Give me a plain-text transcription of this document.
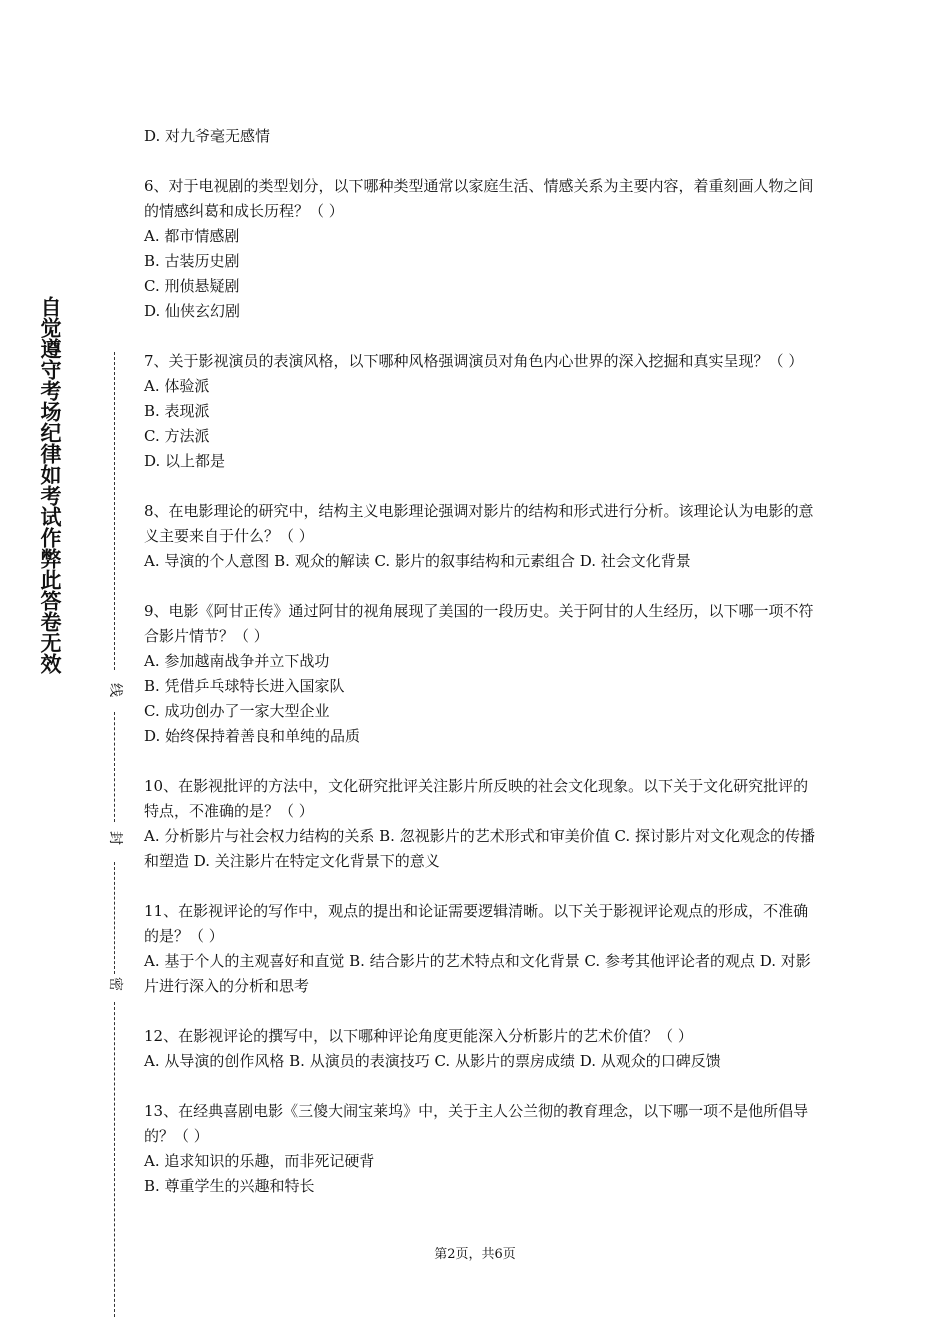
自觉遵守考场纪律如考试作弊此答卷无效
线
封
密

D. 对九爷毫无感情

6、对于电视剧的类型划分，以下哪种类型通常以家庭生活、情感关系为主要内容，着重刻画人物之间的情感纠葛和成长历程？（ ）

A. 都市情感剧

B. 古装历史剧

C. 刑侦悬疑剧

D. 仙侠玄幻剧

7、关于影视演员的表演风格，以下哪种风格强调演员对角色内心世界的深入挖掘和真实呈现？（ ）

A. 体验派

B. 表现派

C. 方法派

D. 以上都是

8、在电影理论的研究中，结构主义电影理论强调对影片的结构和形式进行分析。该理论认为电影的意义主要来自于什么？（ ）

A. 导演的个人意图 B. 观众的解读 C. 影片的叙事结构和元素组合 D. 社会文化背景

9、电影《阿甘正传》通过阿甘的视角展现了美国的一段历史。关于阿甘的人生经历，以下哪一项不符合影片情节？（ ）

A. 参加越南战争并立下战功

B. 凭借乒乓球特长进入国家队

C. 成功创办了一家大型企业

D. 始终保持着善良和单纯的品质

10、在影视批评的方法中，文化研究批评关注影片所反映的社会文化现象。以下关于文化研究批评的特点，不准确的是？（ ）

A. 分析影片与社会权力结构的关系 B. 忽视影片的艺术形式和审美价值 C. 探讨影片对文化观念的传播和塑造 D. 关注影片在特定文化背景下的意义

11、在影视评论的写作中，观点的提出和论证需要逻辑清晰。以下关于影视评论观点的形成，不准确的是？（ ）

A. 基于个人的主观喜好和直觉 B. 结合影片的艺术特点和文化背景 C. 参考其他评论者的观点 D. 对影片进行深入的分析和思考

12、在影视评论的撰写中，以下哪种评论角度更能深入分析影片的艺术价值？（ ）

A. 从导演的创作风格 B. 从演员的表演技巧 C. 从影片的票房成绩 D. 从观众的口碑反馈

13、在经典喜剧电影《三傻大闹宝莱坞》中，关于主人公兰彻的教育理念，以下哪一项不是他所倡导的？（ ）

A. 追求知识的乐趣，而非死记硬背

B. 尊重学生的兴趣和特长

第2页，共6页
